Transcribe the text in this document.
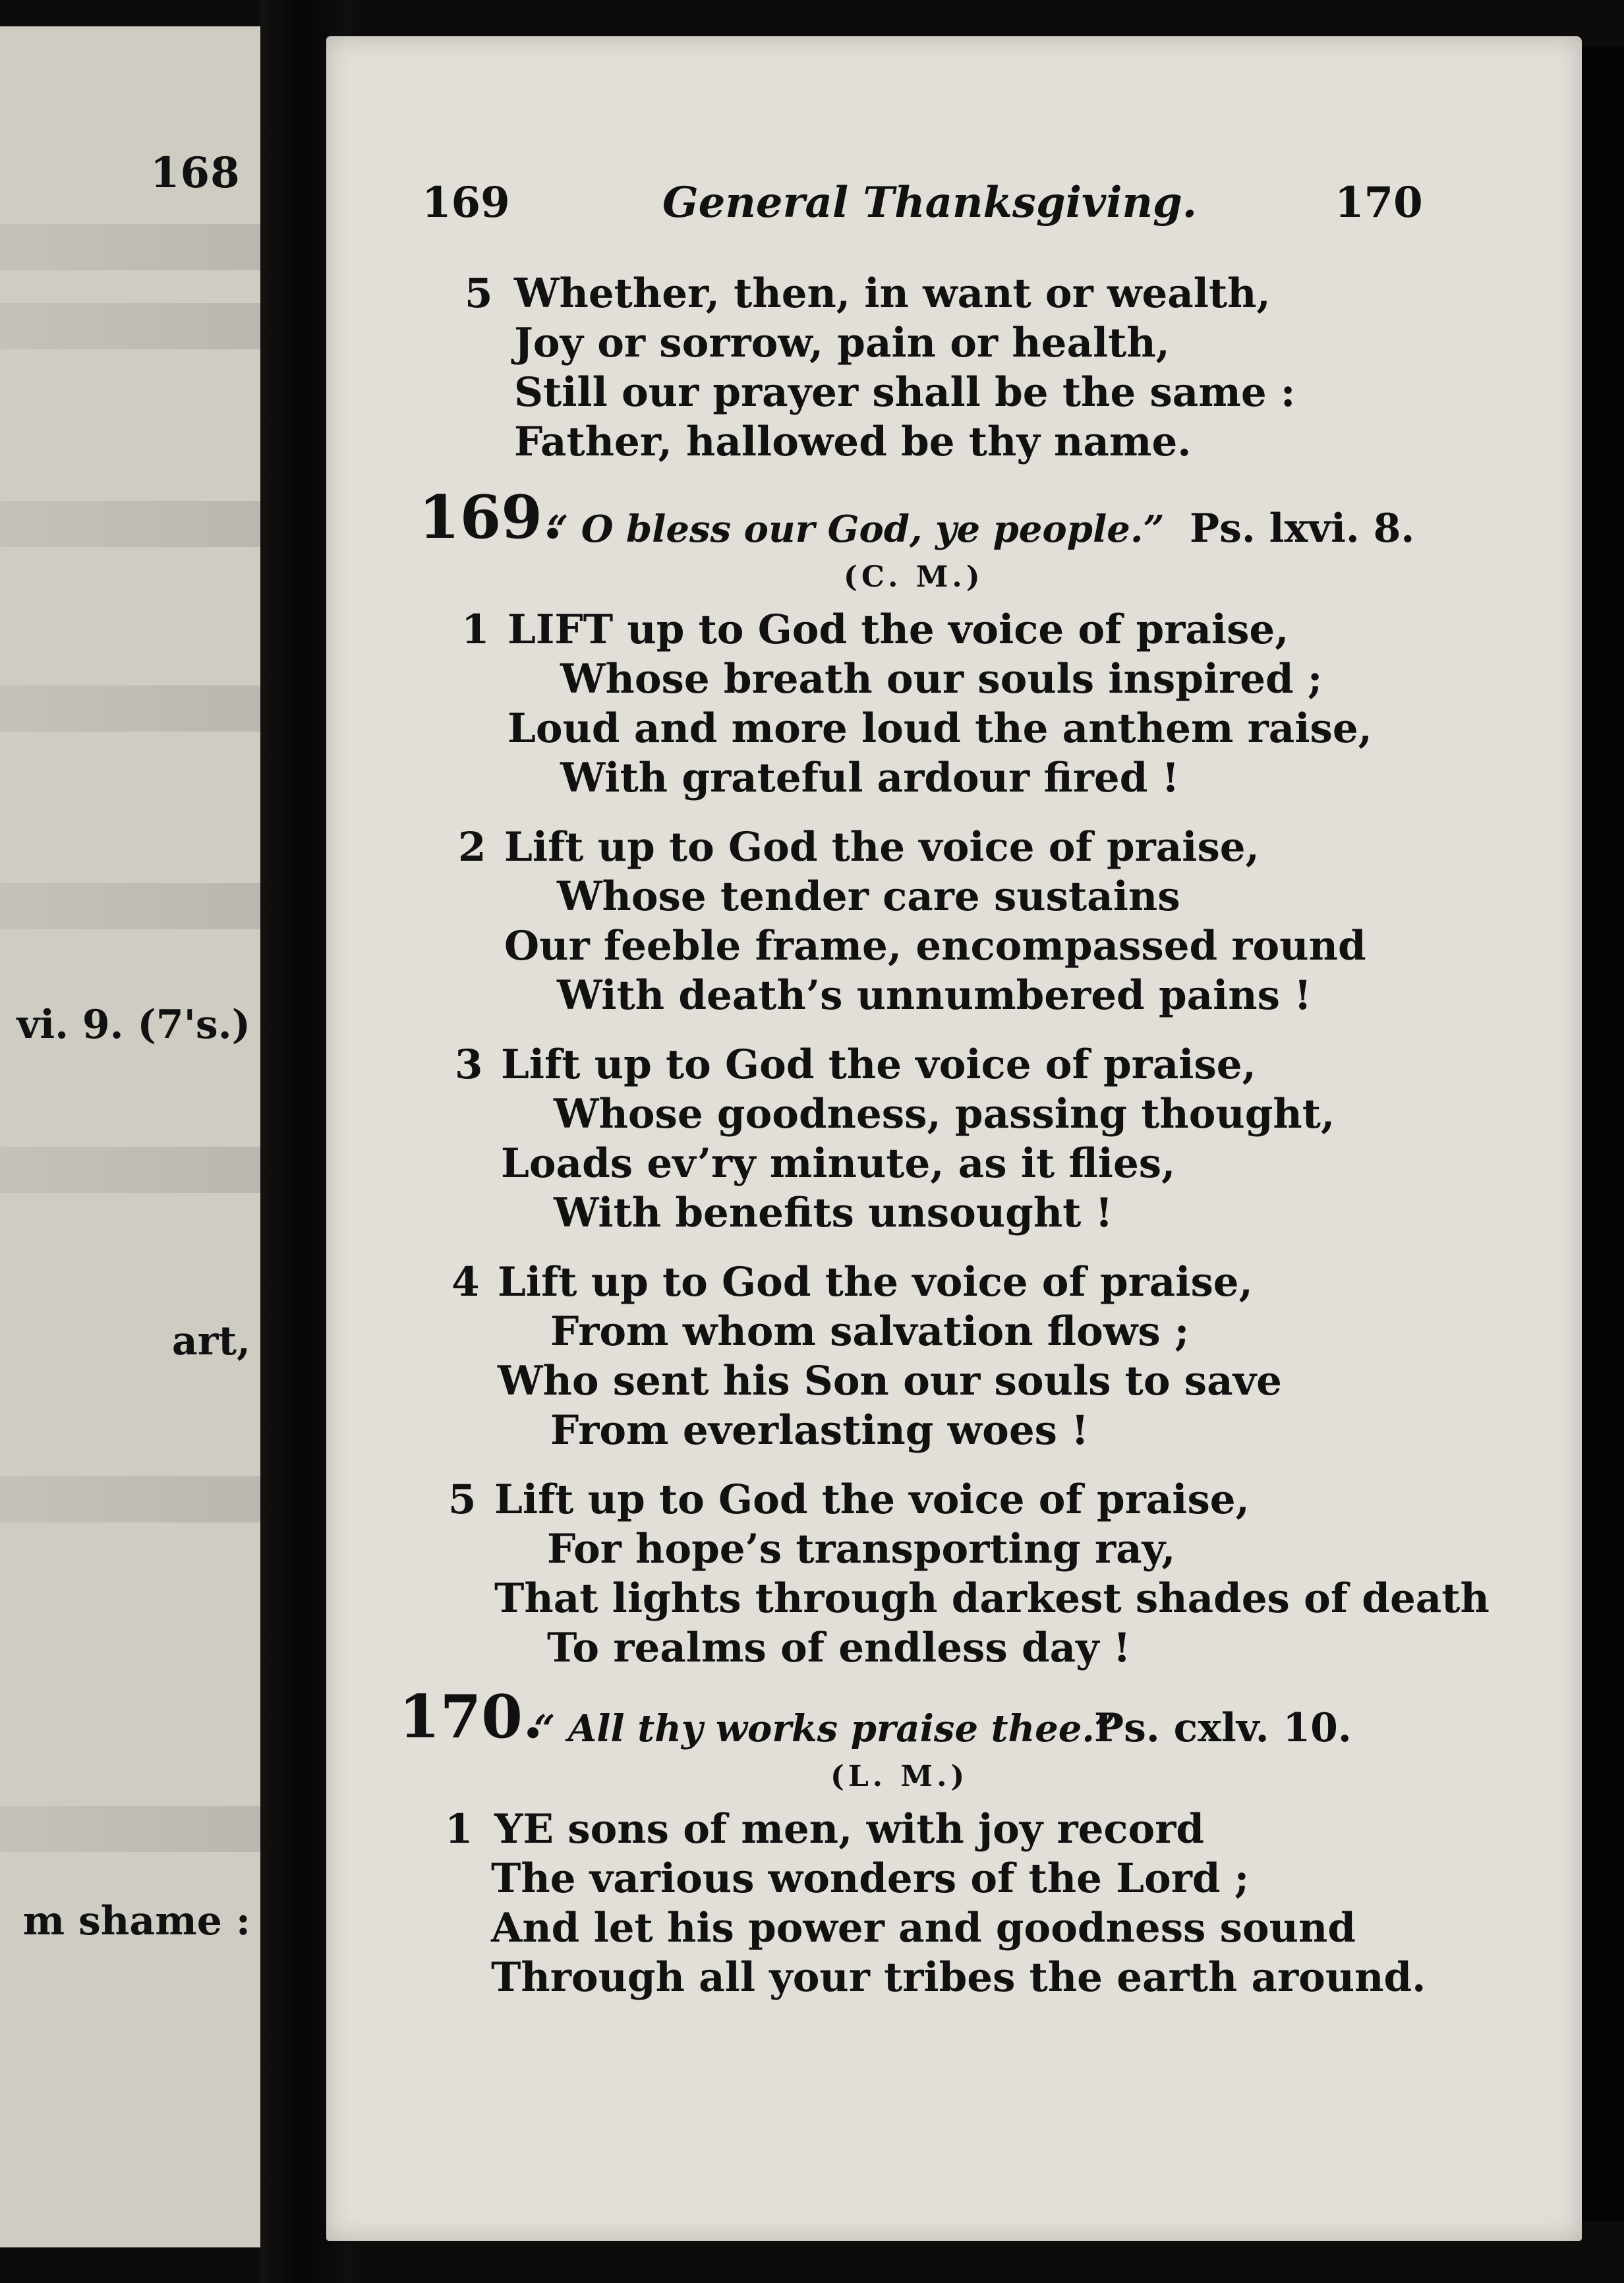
168
vi. 9. (7's.)
art,
m shame :
169	General Thanksgiving.	170
5 Whether, then, in want or wealth,
Joy or sorrow, pain or health,
Still our prayer shall be the same :
Father, hallowed be thy name.
169.
“ O bless our God, ye people.” Ps. lxvi. 8.
(C. M.)
1 LIFT up to God the voice of praise,
Whose breath our souls inspired ;
Loud and more loud the anthem raise,
With grateful ardour fired !
2 Lift up to God the voice of praise,
Whose tender care sustains
Our feeble frame, encompassed round
With death’s unnumbered pains !
3 Lift up to God the voice of praise,
Whose goodness, passing thought,
Loads ev’ry minute, as it flies,
With benefits unsought !
4 Lift up to God the voice of praise,
From whom salvation flows ;
Who sent his Son our souls to save
From everlasting woes !
5 Lift up to God the voice of praise,
For hope’s transporting ray,
That lights through darkest shades of death
To realms of endless day !
170.
“ All thy works praise thee.”
Ps. cxlv. 10.
(L. M.)
1 YE sons of men, with joy record
The various wonders of the Lord ;
And let his power and goodness sound
Through all your tribes the earth around.
